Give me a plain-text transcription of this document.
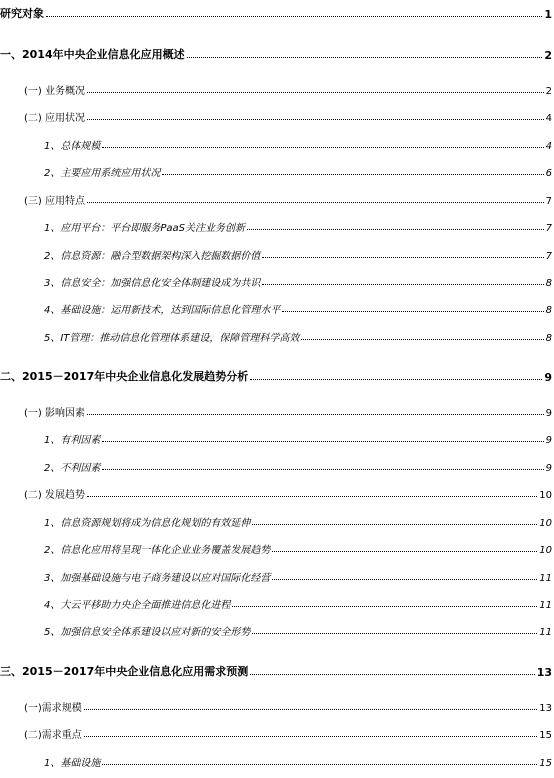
研究对象	1
一、2014年中央企业信息化应用概述	2
(一) 业务概况	2
(二) 应用状况	4
1、总体规模	4
2、主要应用系统应用状况	6
(三) 应用特点	7
1、应用平台：平台即服务PaaS关注业务创新	7
2、信息资源：融合型数据架构深入挖掘数据价值	7
3、信息安全：加强信息化安全体制建设成为共识	8
4、基础设施：运用新技术，达到国际信息化管理水平	8
5、IT管理：推动信息化管理体系建设，保障管理科学高效	8
二、2015－2017年中央企业信息化发展趋势分析	9
(一) 影响因素	9
1、有利因素	9
2、不利因素	9
(二) 发展趋势	10
1、信息资源规划将成为信息化规划的有效延伸	10
2、信息化应用将呈现一体化企业业务覆盖发展趋势	10
3、加强基础设施与电子商务建设以应对国际化经营	11
4、大云平移助力央企全面推进信息化进程	11
5、加强信息安全体系建设以应对新的安全形势	11
三、2015－2017年中央企业信息化应用需求预测	13
(一)需求规模	13
(二)需求重点	15
1、基础设施	15
